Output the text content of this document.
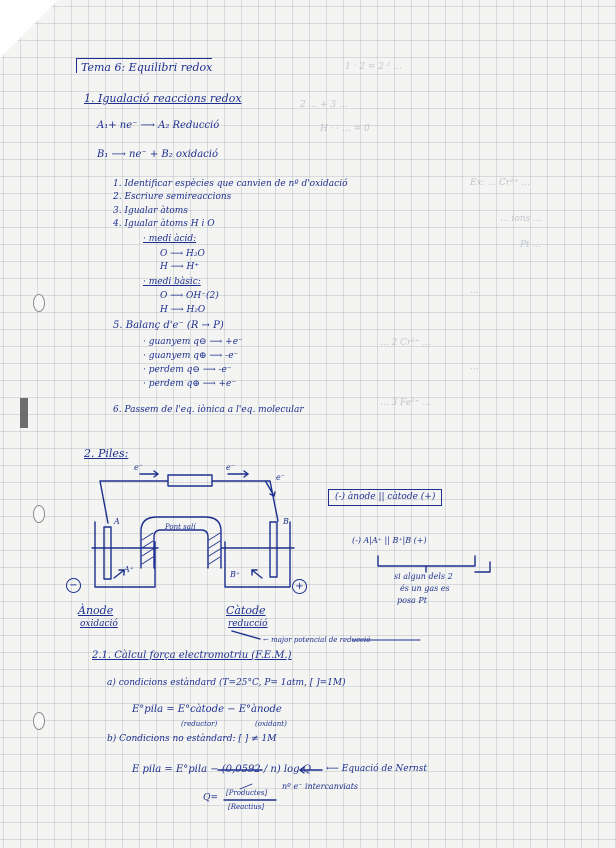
1 · 2 = 2 ² ...
2 ... + 3 ...
H · · ... = 0
Ex: ... Cr²⁺ ...
... ions ...
Pt ...
...
... 2 Cr³⁺ ...
...
... 3 Fe²⁺ ...
Tema 6: Equilibri redox
1. Igualació reaccions redox
A₁+ ne⁻ ⟶ A₂ Reducció
B₁ ⟶ ne⁻ + B₂ oxidació
1. Identificar espècies que canvien de nº d'oxidació
2. Escriure semireaccions
3. Igualar àtoms
4. Igualar àtoms H i O
· medi àcid:
O ⟶ H₂O
H ⟶ H⁺
· medi bàsic:
O ⟶ OH⁻(2)
H ⟶ H₂O
5. Balanç d'e⁻ (R → P)
· guanyem q⊖ ⟶ +e⁻
· guanyem q⊕ ⟶ -e⁻
· perdem q⊖ ⟶ -e⁻
· perdem q⊕ ⟶ +e⁻
6. Passem de l'eq. iònica a l'eq. molecular
2. Piles:
e⁻	e⁻
e⁻
A	B
Pont salí
A⁺
B⁺
−	+
(-) ànode || càtode (+)
(-) A|A⁺ || B⁺|B (+)
si algun dels 2
és un gas es
posa Pt
Ànode
oxidació
Càtode
reducció
← major potencial de reducció
2.1. Càlcul força electromotriu (F.E.M.)
a) condicions estàndard (T=25°C, P= 1atm, [ ]=1M)
E°pila = E°càtode − E°ànode
(reductor)	(oxidant)
b) Condicions no estàndard: [ ] ≠ 1M
E pila = E°pila − (0,0592 / n) log Q ⟵ Equació de Nernst
nº e⁻ intercanviats
Q= [Productes]
[Reactius]
